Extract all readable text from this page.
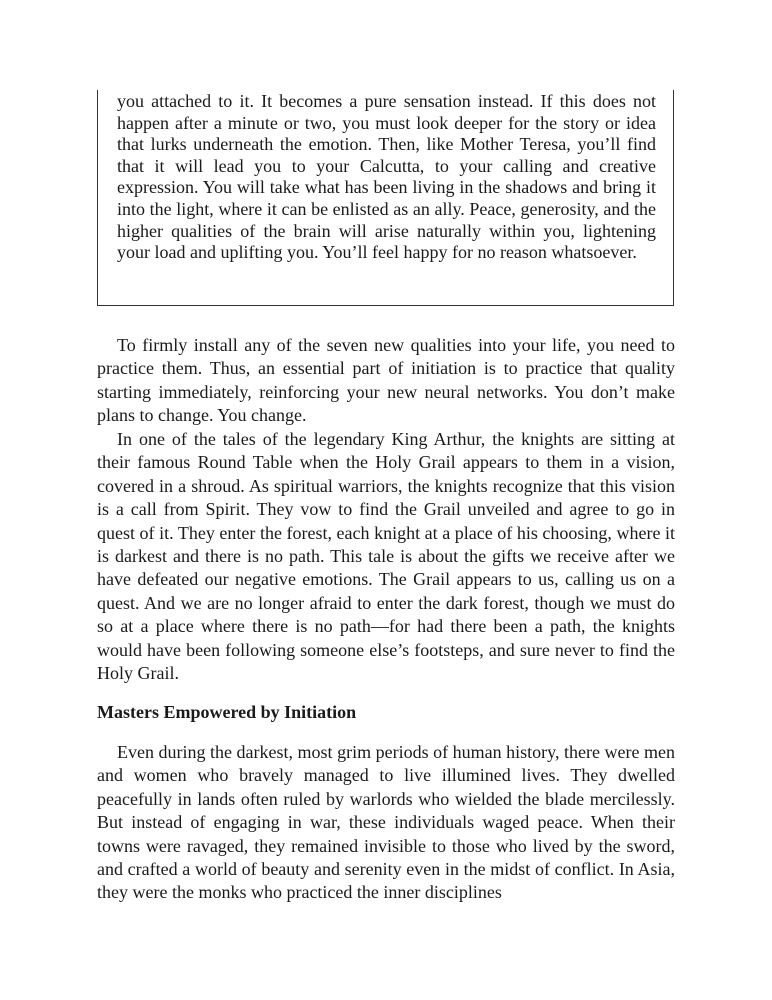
you attached to it. It becomes a pure sensation instead. If this does not happen after a minute or two, you must look deeper for the story or idea that lurks underneath the emotion. Then, like Mother Teresa, you’ll find that it will lead you to your Calcutta, to your calling and creative expression. You will take what has been living in the shadows and bring it into the light, where it can be enlisted as an ally. Peace, generosity, and the higher qualities of the brain will arise naturally within you, lightening your load and uplifting you. You’ll feel happy for no reason whatsoever.

To firmly install any of the seven new qualities into your life, you need to practice them. Thus, an essential part of initiation is to practice that quality starting immediately, reinforcing your new neural networks. You don’t make plans to change. You change.

In one of the tales of the legendary King Arthur, the knights are sitting at their famous Round Table when the Holy Grail appears to them in a vision, covered in a shroud. As spiritual warriors, the knights recognize that this vision is a call from Spirit. They vow to find the Grail unveiled and agree to go in quest of it. They enter the forest, each knight at a place of his choosing, where it is darkest and there is no path. This tale is about the gifts we receive after we have defeated our negative emotions. The Grail appears to us, calling us on a quest. And we are no longer afraid to enter the dark forest, though we must do so at a place where there is no path—for had there been a path, the knights would have been following someone else’s footsteps, and sure never to find the Holy Grail.

Masters Empowered by Initiation

Even during the darkest, most grim periods of human history, there were men and women who bravely managed to live illumined lives. They dwelled peacefully in lands often ruled by warlords who wielded the blade mercilessly. But instead of engaging in war, these individuals waged peace. When their towns were ravaged, they remained invisible to those who lived by the sword, and crafted a world of beauty and serenity even in the midst of conflict. In Asia, they were the monks who practiced the inner disciplines
